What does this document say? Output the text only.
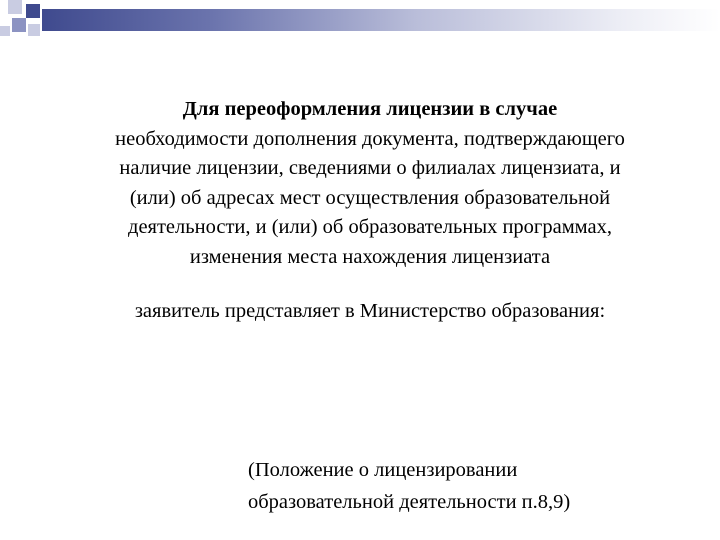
Для переоформления лицензии в случае
необходимости дополнения документа, подтверждающего
наличие лицензии, сведениями о филиалах лицензиата, и
(или) об адресах мест осуществления образовательной
деятельности, и (или) об образовательных программах,
изменения места нахождения лицензиата
заявитель представляет в Министерство образования:
(Положение о лицензировании
образовательной деятельности п.8,9)
